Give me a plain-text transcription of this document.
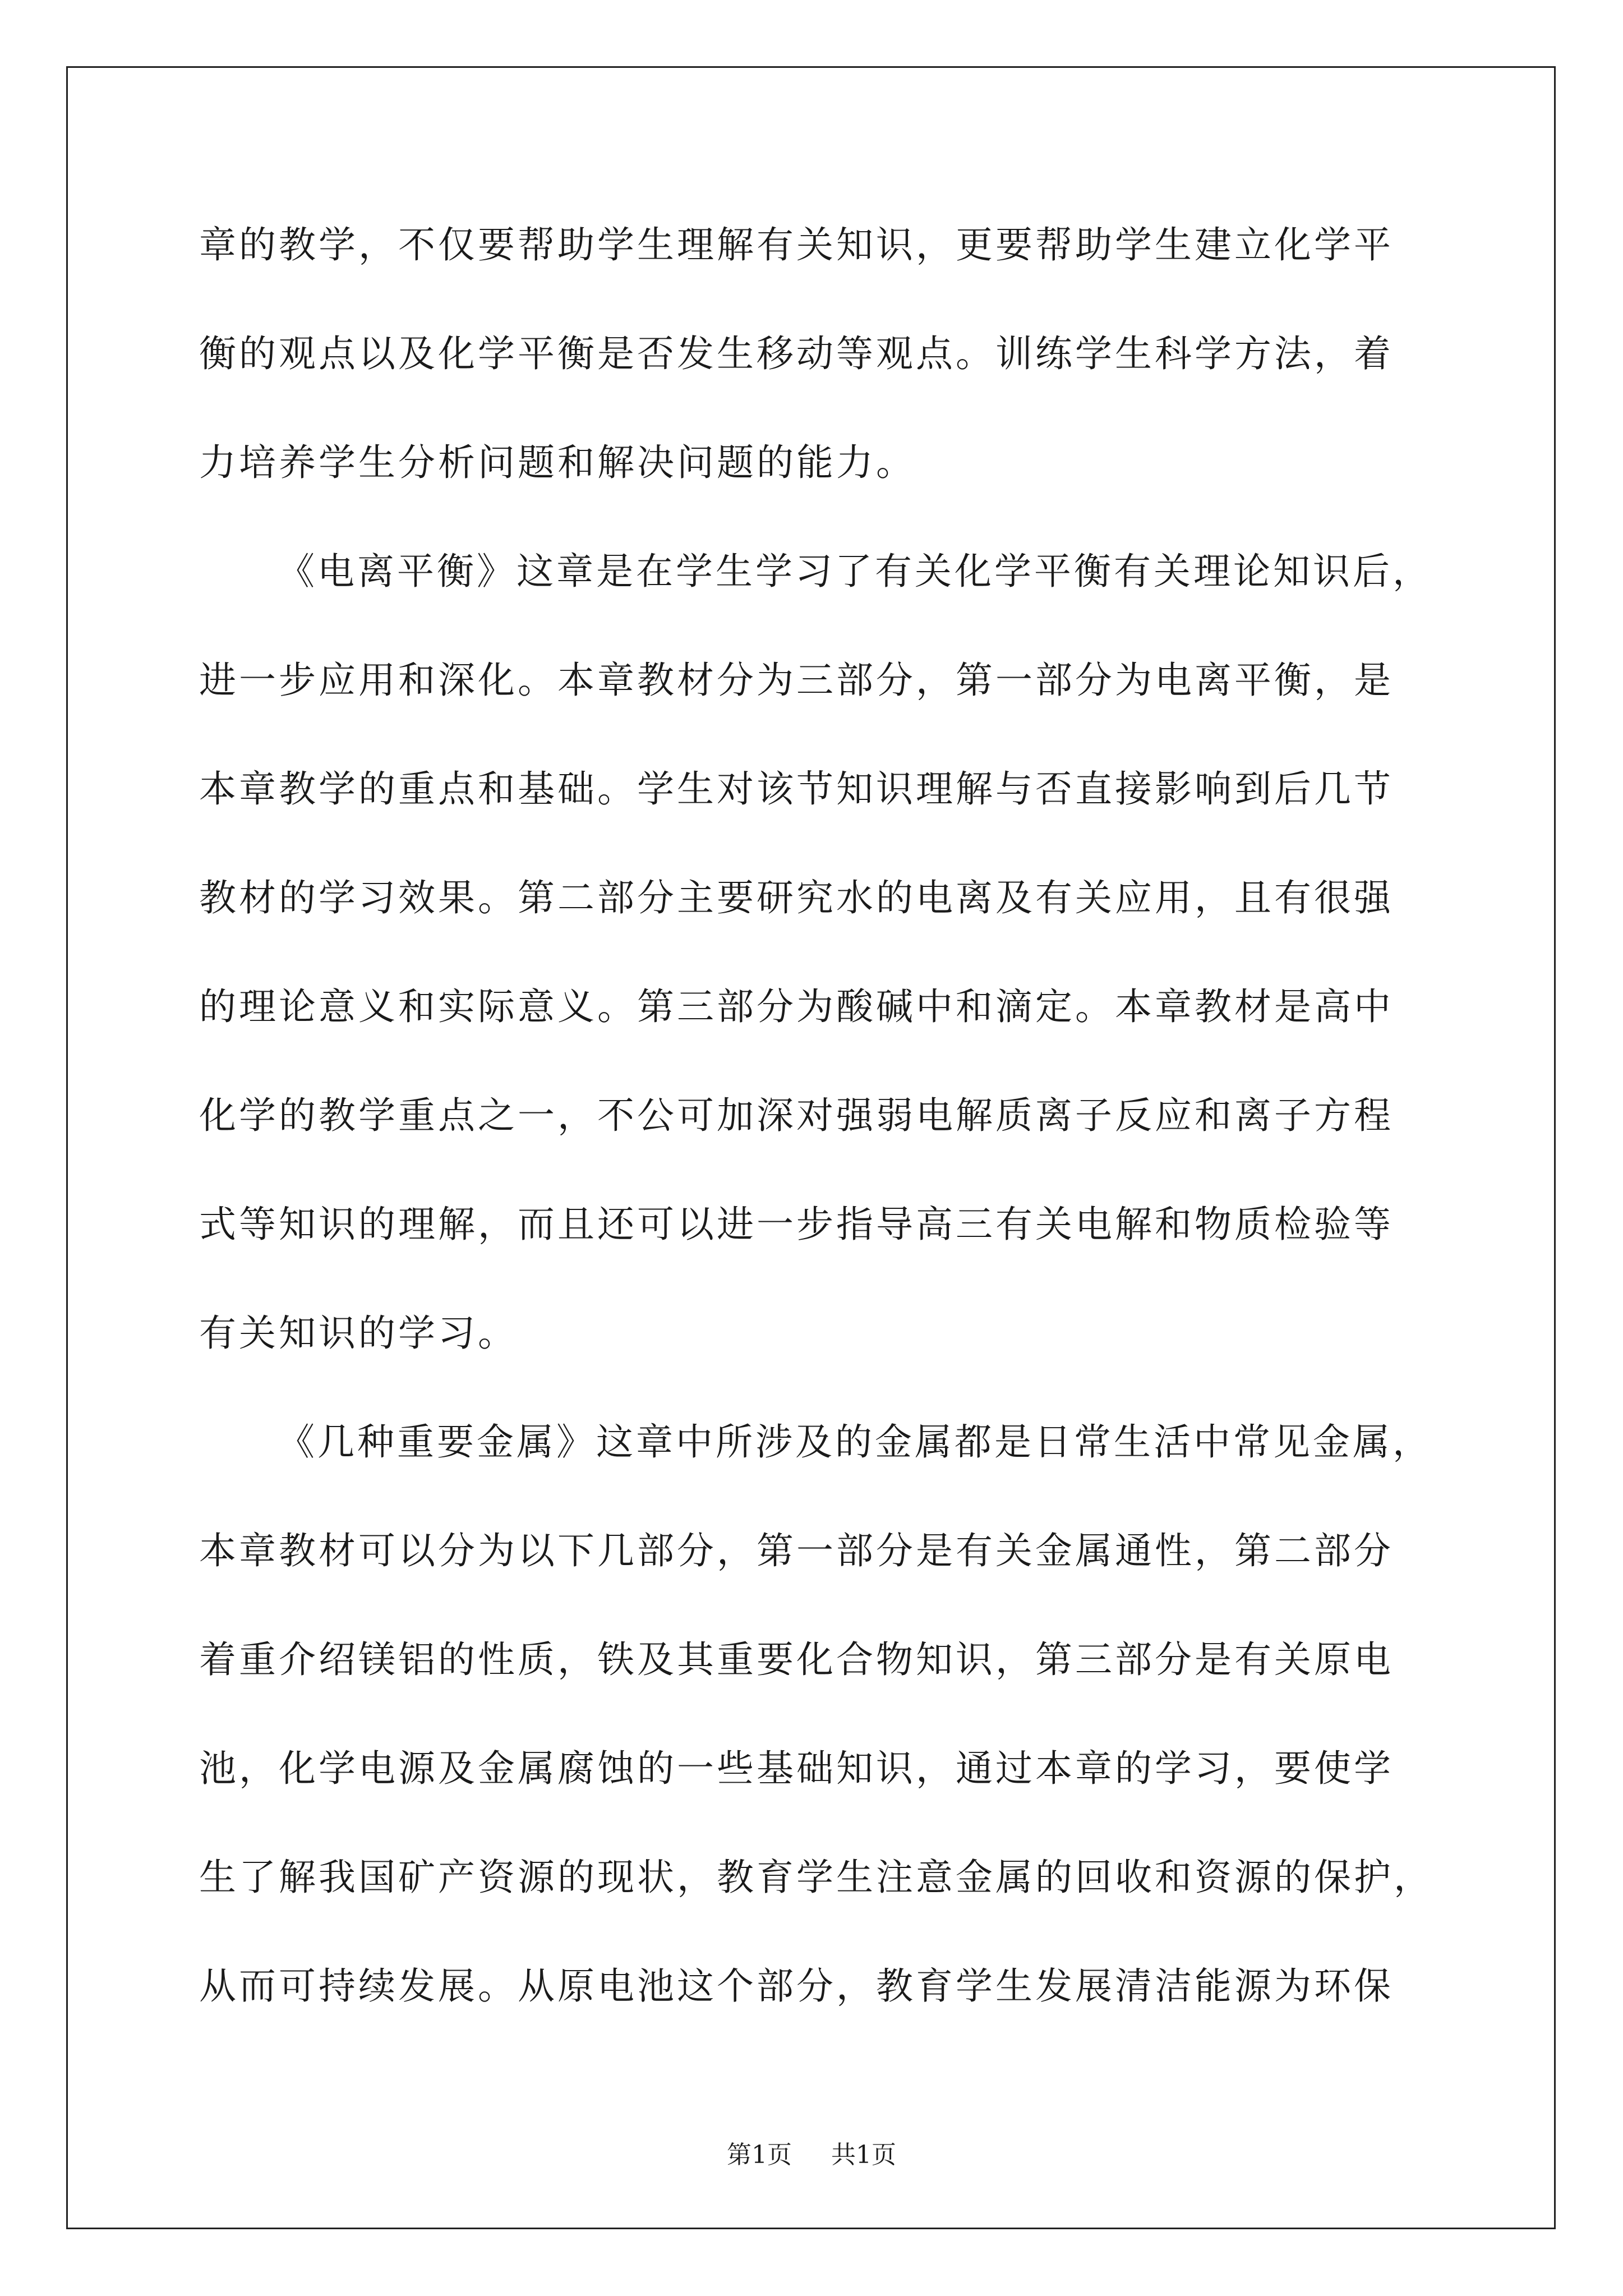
章的教学，不仅要帮助学生理解有关知识，更要帮助学生建立化学平
衡的观点以及化学平衡是否发生移动等观点。训练学生科学方法，着
力培养学生分析问题和解决问题的能力。
《电离平衡》这章是在学生学习了有关化学平衡有关理论知识后，
进一步应用和深化。本章教材分为三部分，第一部分为电离平衡，是
本章教学的重点和基础。学生对该节知识理解与否直接影响到后几节
教材的学习效果。第二部分主要研究水的电离及有关应用，且有很强
的理论意义和实际意义。第三部分为酸碱中和滴定。本章教材是高中
化学的教学重点之一，不公可加深对强弱电解质离子反应和离子方程
式等知识的理解，而且还可以进一步指导高三有关电解和物质检验等
有关知识的学习。
《几种重要金属》这章中所涉及的金属都是日常生活中常见金属，
本章教材可以分为以下几部分，第一部分是有关金属通性，第二部分
着重介绍镁铝的性质，铁及其重要化合物知识，第三部分是有关原电
池，化学电源及金属腐蚀的一些基础知识，通过本章的学习，要使学
生了解我国矿产资源的现状，教育学生注意金属的回收和资源的保护，
从而可持续发展。从原电池这个部分，教育学生发展清洁能源为环保
第1页 共1页
